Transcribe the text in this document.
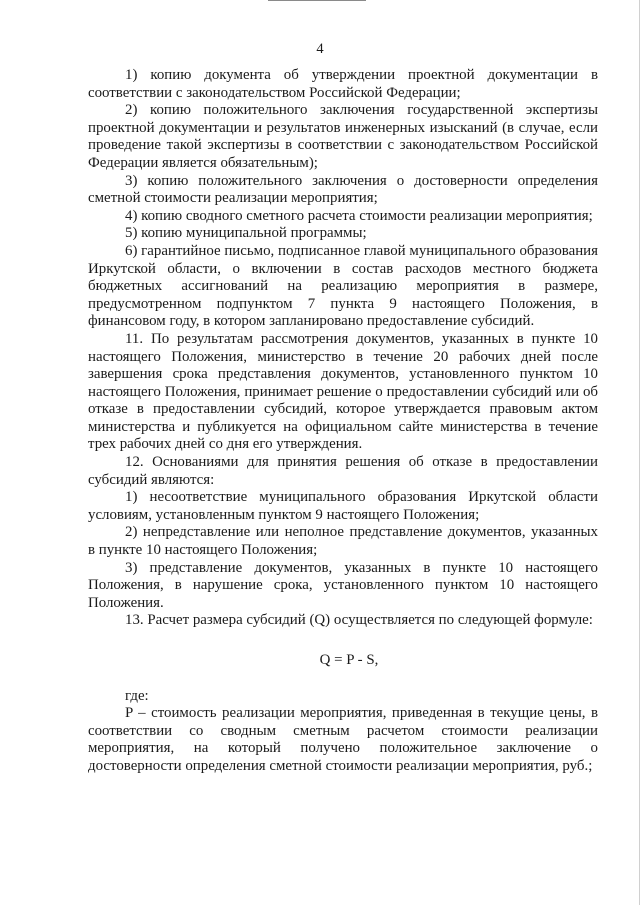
4

1) копию документа об утверждении проектной документации в соответствии с законодательством Российской Федерации;

2) копию положительного заключения государственной экспертизы проектной документации и результатов инженерных изысканий (в случае, если проведение такой экспертизы в соответствии с законодательством Российской Федерации является обязательным);

3) копию положительного заключения о достоверности определения сметной стоимости реализации мероприятия;

4) копию сводного сметного расчета стоимости реализации мероприятия;

5) копию муниципальной программы;

6) гарантийное письмо, подписанное главой муниципального образования Иркутской области, о включении в состав расходов местного бюджета бюджетных ассигнований на реализацию мероприятия в размере, предусмотренном подпунктом 7 пункта 9 настоящего Положения, в финансовом году, в котором запланировано предоставление субсидий.

11. По результатам рассмотрения документов, указанных в пункте 10 настоящего Положения, министерство в течение 20 рабочих дней после завершения срока представления документов, установленного пунктом 10 настоящего Положения, принимает решение о предоставлении субсидий или об отказе в предоставлении субсидий, которое утверждается правовым актом министерства и публикуется на официальном сайте министерства в течение трех рабочих дней со дня его утверждения.

12. Основаниями для принятия решения об отказе в предоставлении субсидий являются:

1) несоответствие муниципального образования Иркутской области условиям, установленным пунктом 9 настоящего Положения;

2) непредставление или неполное представление документов, указанных в пункте 10 настоящего Положения;

3) представление документов, указанных в пункте 10 настоящего Положения, в нарушение срока, установленного пунктом 10 настоящего Положения.

13. Расчет размера субсидий (Q) осуществляется по следующей формуле:

Q = P - S,

где:

P – стоимость реализации мероприятия, приведенная в текущие цены, в соответствии со сводным сметным расчетом стоимости реализации мероприятия, на который получено положительное заключение о достоверности определения сметной стоимости реализации мероприятия, руб.;
